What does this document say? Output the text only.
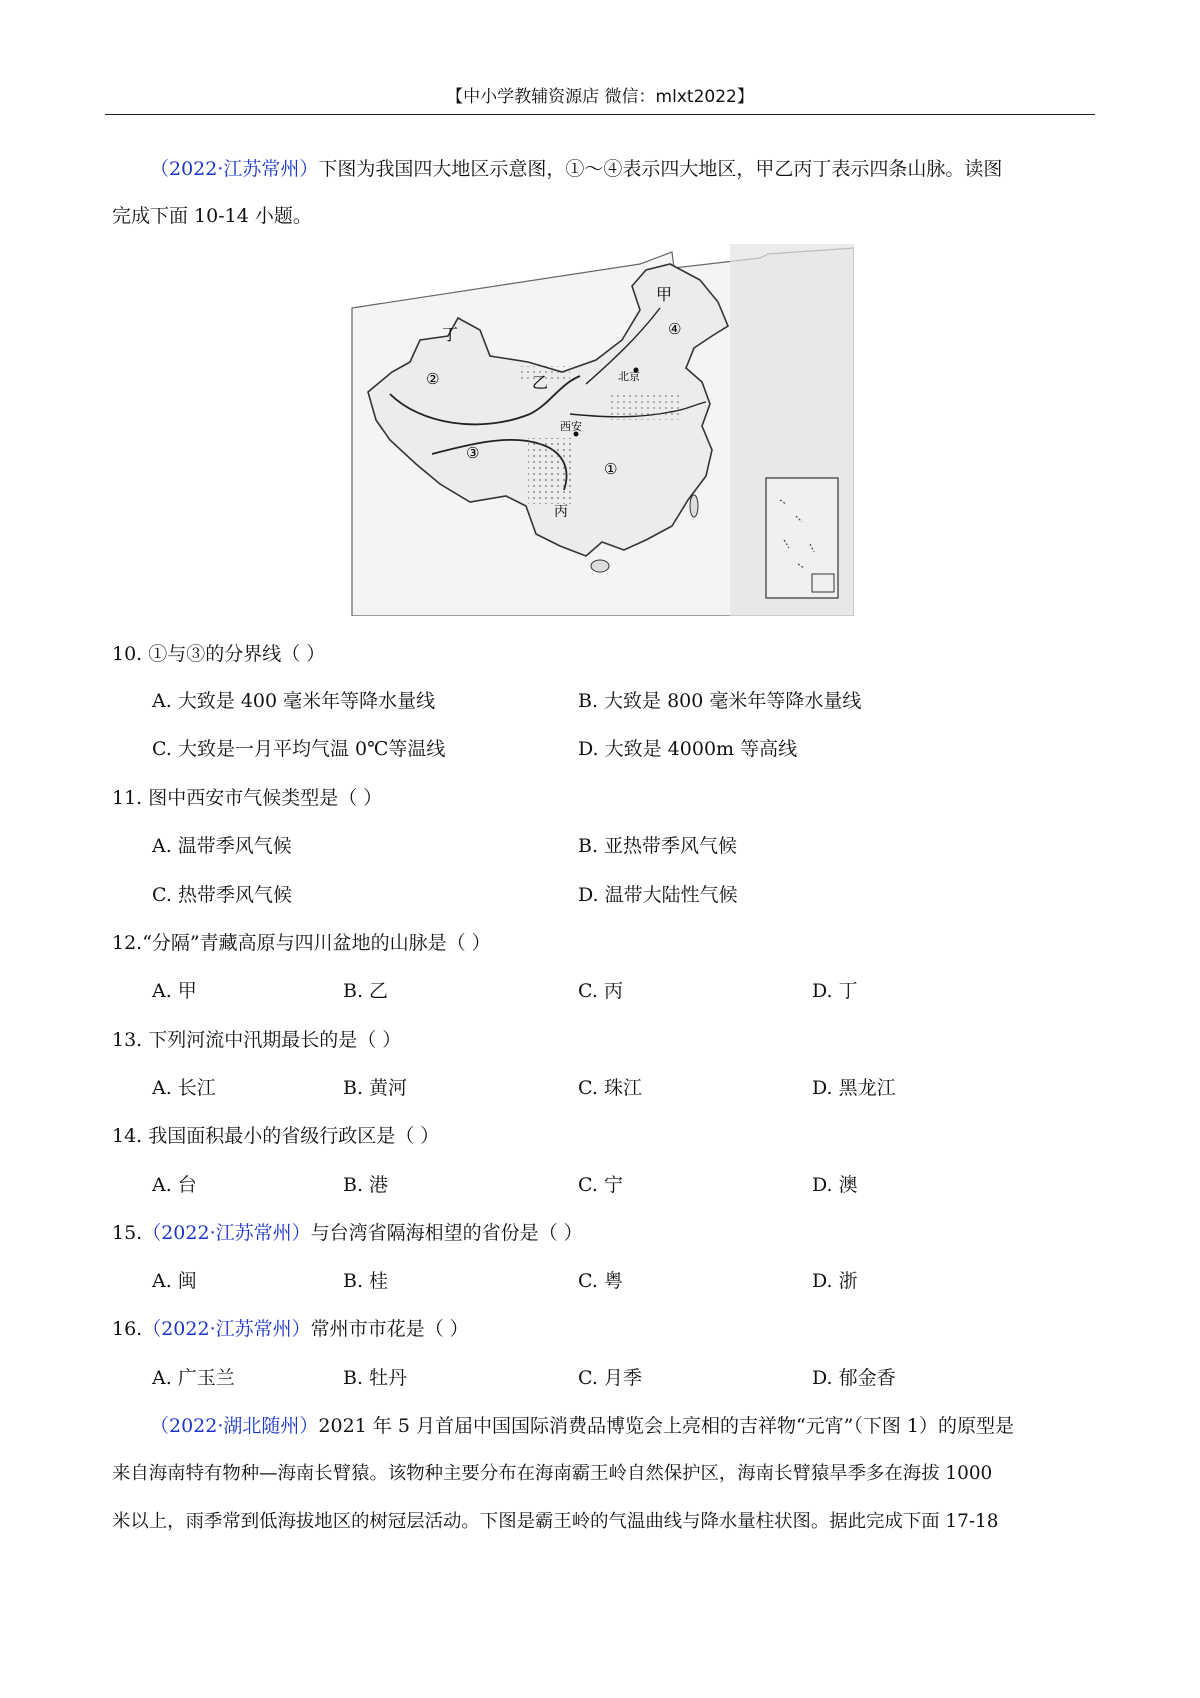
【中小学教辅资源店 微信：mlxt2022】
（2022·江苏常州）下图为我国四大地区示意图，①～④表示四大地区，甲乙丙丁表示四条山脉。读图
完成下面 10-14 小题。
甲
乙
丙
丁
①
②
③
④
北京
西安
10. ①与③的分界线（ ）
A. 大致是 400 毫米年等降水量线	B. 大致是 800 毫米年等降水量线
C. 大致是一月平均气温 0℃等温线	D. 大致是 4000m 等高线
11. 图中西安市气候类型是（ ）
A. 温带季风气候	B. 亚热带季风气候
C. 热带季风气候	D. 温带大陆性气候
12.“分隔”青藏高原与四川盆地的山脉是（ ）
A. 甲	B. 乙	C. 丙	D. 丁
13. 下列河流中汛期最长的是（ ）
A. 长江	B. 黄河	C. 珠江	D. 黑龙江
14. 我国面积最小的省级行政区是（ ）
A. 台	B. 港	C. 宁	D. 澳
15.（2022·江苏常州）与台湾省隔海相望的省份是（ ）
A. 闽	B. 桂	C. 粤	D. 浙
16.（2022·江苏常州）常州市市花是（ ）
A. 广玉兰	B. 牡丹	C. 月季	D. 郁金香
（2022·湖北随州）2021 年 5 月首届中国国际消费品博览会上亮相的吉祥物“元宵”（下图 1）的原型是
来自海南特有物种—海南长臂猿。该物种主要分布在海南霸王岭自然保护区，海南长臂猿旱季多在海拔 1000
米以上，雨季常到低海拔地区的树冠层活动。下图是霸王岭的气温曲线与降水量柱状图。据此完成下面 17-18
